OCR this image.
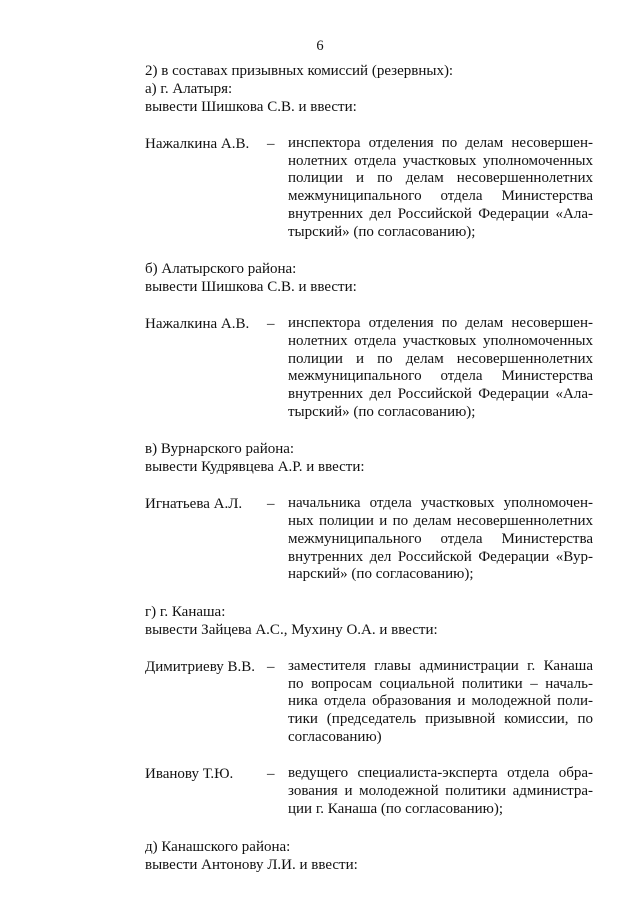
6
2) в составах призывных комиссий (резервных):
а) г. Алатыря:
вывести Шишкова С.В. и ввести:
Нажалкина А.В.	– инспектора отделения по делам несовершен-
нолетних отдела участковых уполномоченных
полиции и по делам несовершеннолетних
межмуниципального отдела Министерства
внутренних дел Российской Федерации «Ала-
тырский» (по согласованию);
б) Алатырского района:
вывести Шишкова С.В. и ввести:
Нажалкина А.В.	– инспектора отделения по делам несовершен-
нолетних отдела участковых уполномоченных
полиции и по делам несовершеннолетних
межмуниципального отдела Министерства
внутренних дел Российской Федерации «Ала-
тырский» (по согласованию);
в) Вурнарского района:
вывести Кудрявцева А.Р. и ввести:
Игнатьева А.Л.	– начальника отдела участковых уполномочен-
ных полиции и по делам несовершеннолетних
межмуниципального отдела Министерства
внутренних дел Российской Федерации «Вур-
нарский» (по согласованию);
г) г. Канаша:
вывести Зайцева А.С., Мухину О.А. и ввести:
Димитриеву В.В. – заместителя главы администрации г. Канаша
по вопросам социальной политики – началь-
ника отдела образования и молодежной поли-
тики (председатель призывной комиссии, по
согласованию)
Иванову Т.Ю.	– ведущего специалиста-эксперта отдела обра-
зования и молодежной политики администра-
ции г. Канаша (по согласованию);
д) Канашского района:
вывести Антонову Л.И. и ввести:
